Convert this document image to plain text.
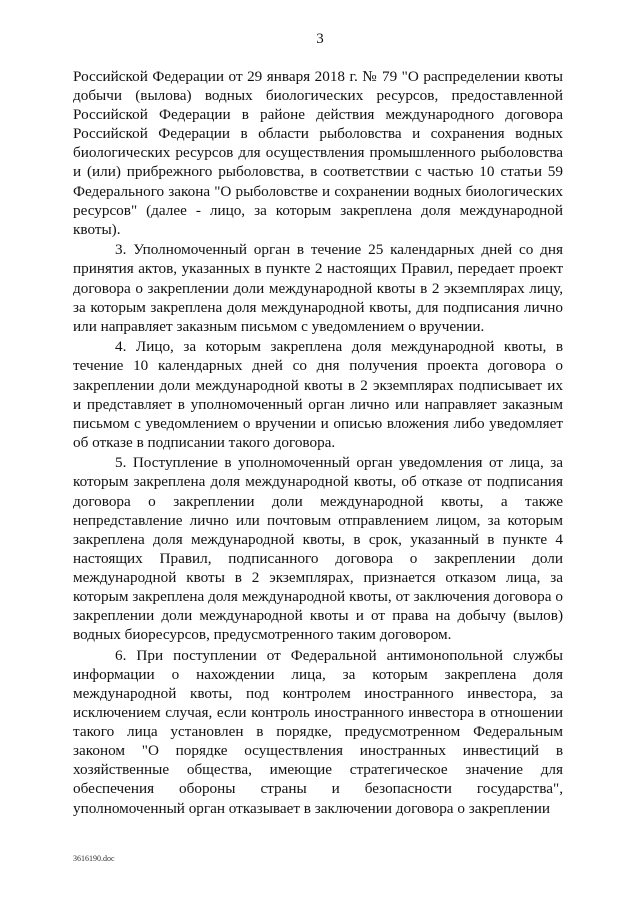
3

Российской Федерации от 29 января 2018 г. № 79 "О распределении квоты добычи (вылова) водных биологических ресурсов, предоставленной Российской Федерации в районе действия международного договора Российской Федерации в области рыболовства и сохранения водных биологических ресурсов для осуществления промышленного рыболовства и (или) прибрежного рыболовства, в соответствии с частью 10 статьи 59 Федерального закона "О рыболовстве и сохранении водных биологических ресурсов" (далее - лицо, за которым закреплена доля международной квоты).

3. Уполномоченный орган в течение 25 календарных дней со дня принятия актов, указанных в пункте 2 настоящих Правил, передает проект договора о закреплении доли международной квоты в 2 экземплярах лицу, за которым закреплена доля международной квоты, для подписания лично или направляет заказным письмом с уведомлением о вручении.

4. Лицо, за которым закреплена доля международной квоты, в течение 10 календарных дней со дня получения проекта договора о закреплении доли международной квоты в 2 экземплярах подписывает их и представляет в уполномоченный орган лично или направляет заказным письмом с уведомлением о вручении и описью вложения либо уведомляет об отказе в подписании такого договора.

5. Поступление в уполномоченный орган уведомления от лица, за которым закреплена доля международной квоты, об отказе от подписания договора о закреплении доли международной квоты, а также непредставление лично или почтовым отправлением лицом, за которым закреплена доля международной квоты, в срок, указанный в пункте 4 настоящих Правил, подписанного договора о закреплении доли международной квоты в 2 экземплярах, признается отказом лица, за которым закреплена доля международной квоты, от заключения договора о закреплении доли международной квоты и от права на добычу (вылов) водных биоресурсов, предусмотренного таким договором.

6. При поступлении от Федеральной антимонопольной службы информации о нахождении лица, за которым закреплена доля международной квоты, под контролем иностранного инвестора, за исключением случая, если контроль иностранного инвестора в отношении такого лица установлен в порядке, предусмотренном Федеральным законом "О порядке осуществления иностранных инвестиций в хозяйственные общества, имеющие стратегическое значение для обеспечения обороны страны и безопасности государства", уполномоченный орган отказывает в заключении договора о закреплении

3616190.doc
